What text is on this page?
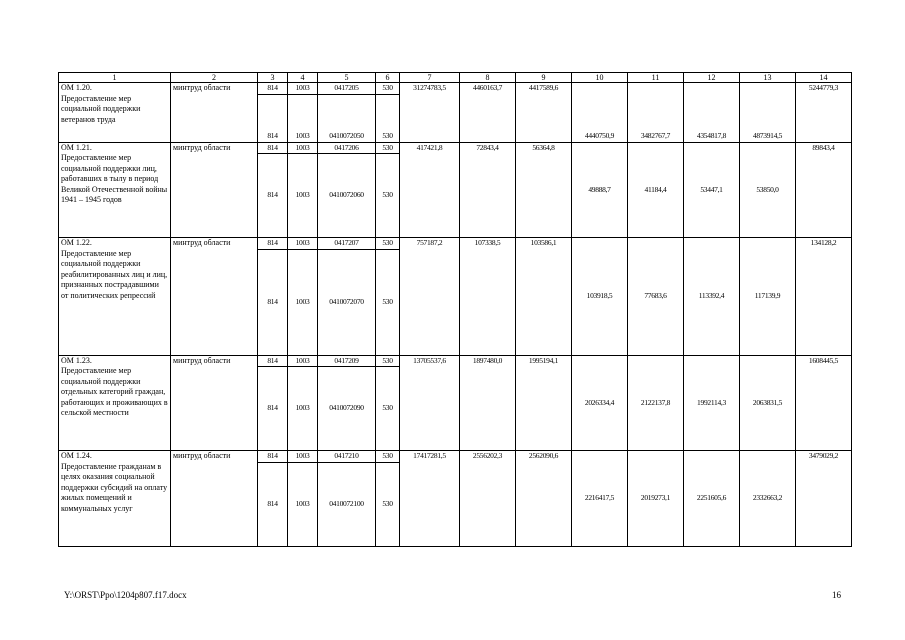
1	2	3	4	5	6	7	8	9	10	11	12	13	14
ОМ 1.20.
Предоставление мер социальной поддержки ветеранов труда	минтруд области	814	1003	0417205	530	31274783,5	4460163,7	4417589,6	4440750,9	3482767,7	4354817,8	4873914,5	5244779,3
		814	1003	0410072050	530								
ОМ 1.21.
Предоставление мер социальной поддержки лиц, работавших в тылу в период Великой Отечественной войны 1941 – 1945 годов	минтруд области	814	1003	0417206	530	417421,8	72843,4	56364,8	49888,7	41184,4	53447,1	53850,0	89843,4
		814	1003	0410072060	530								
ОМ 1.22.
Предоставление мер социальной поддержки реабилитированных лиц и лиц, признанных пострадавшими от политических репрессий	минтруд области	814	1003	0417207	530	757187,2	107338,5	103586,1	103918,5	77683,6	113392,4	117139,9	134128,2
		814	1003	0410072070	530								
ОМ 1.23.
Предоставление мер социальной поддержки отдельных категорий граждан, работающих и проживающих в сельской местности	минтруд области	814	1003	0417209	530	13705537,6	1897480,0	1995194,1	2026334,4	2122137,8	1992114,3	2063831,5	1608445,5
		814	1003	0410072090	530								
ОМ 1.24.
Предоставление гражданам в целях оказания социальной поддержки субсидий на оплату жилых помещений и коммунальных услуг	минтруд области	814	1003	0417210	530	17417281,5	2556202,3	2562090,6	2216417,5	2019273,1	2251605,6	2332663,2	3479029,2
		814	1003	0410072100	530								
Y:\ORST\Ppo\1204p807.f17.docx	16
